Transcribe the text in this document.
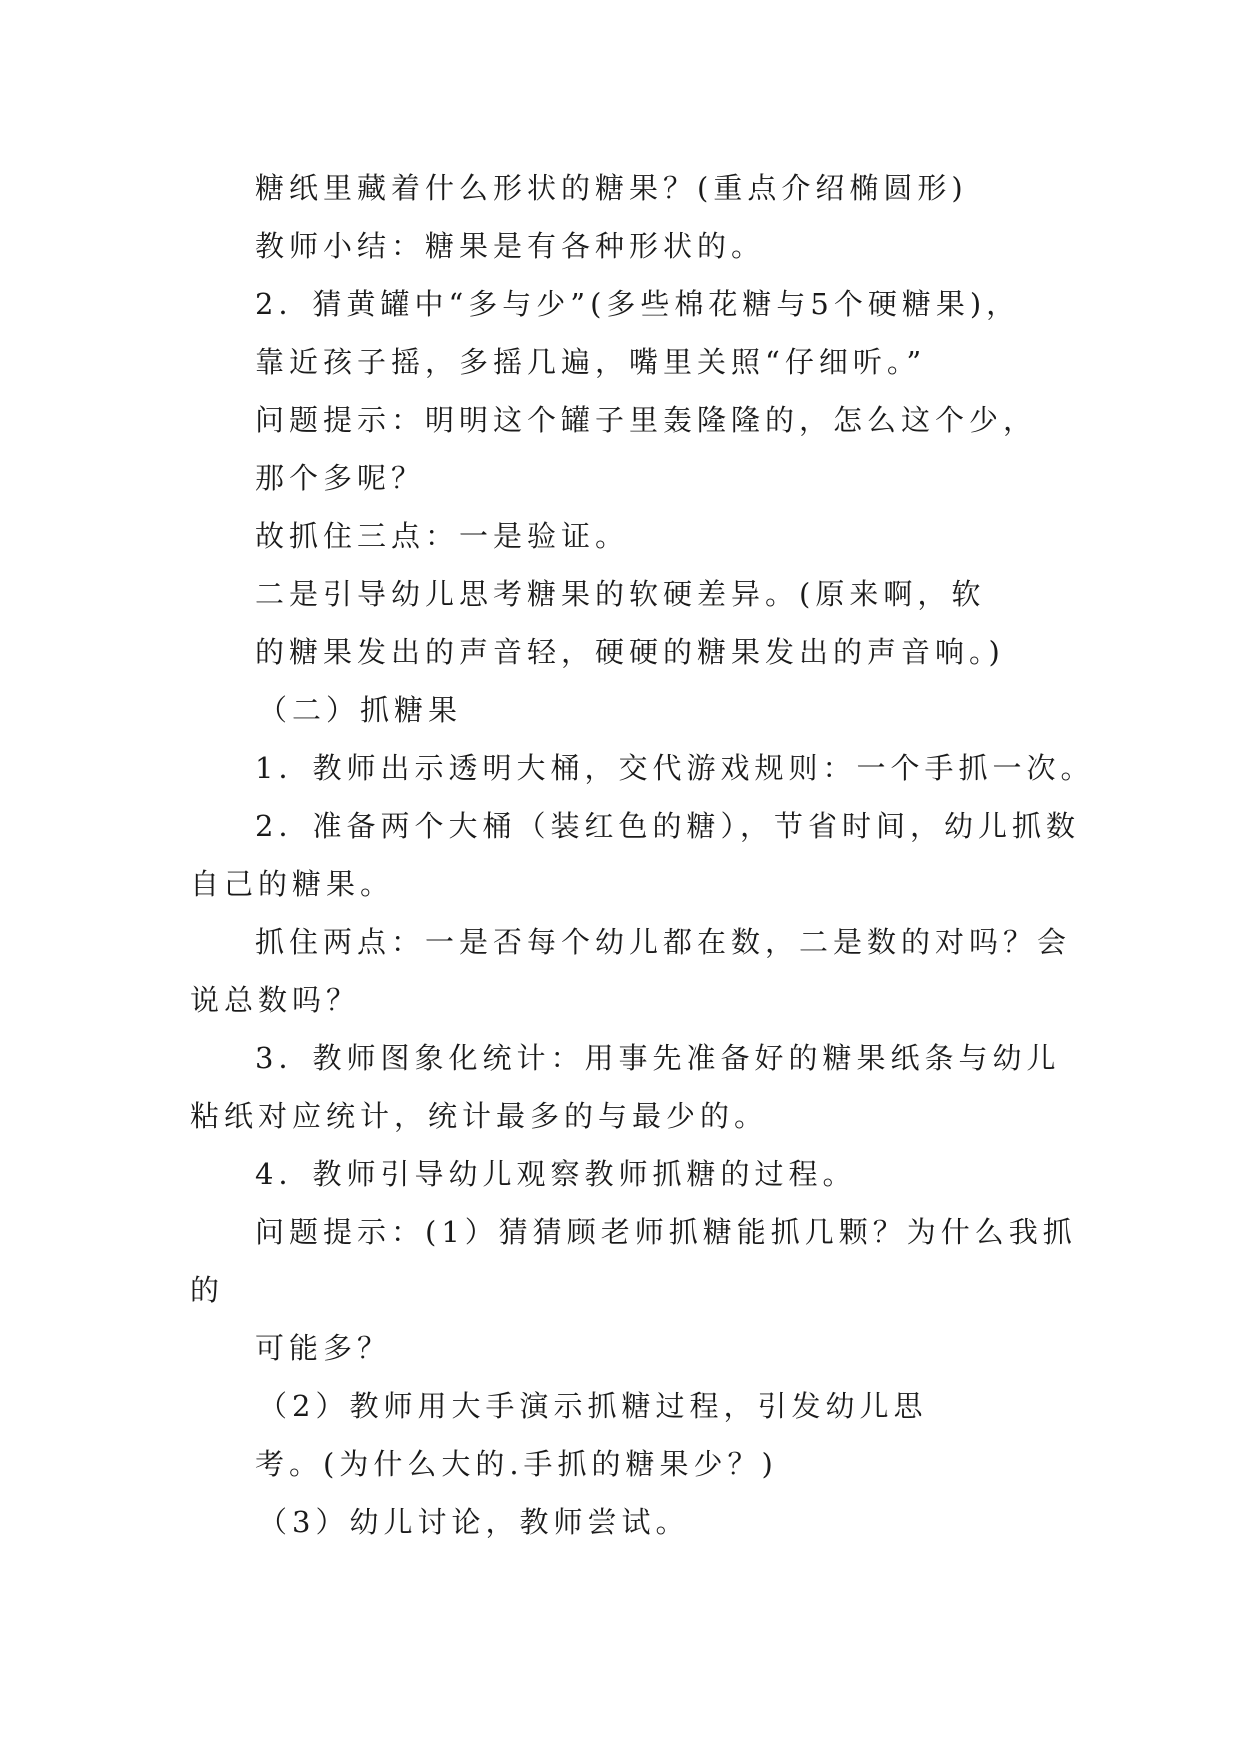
糖纸里藏着什么形状的糖果？(重点介绍椭圆形)
教师小结：糖果是有各种形状的。
2．猜黄罐中“多与少”(多些棉花糖与5个硬糖果)，
靠近孩子摇，多摇几遍，嘴里关照“仔细听。”
问题提示：明明这个罐子里轰隆隆的，怎么这个少，
那个多呢？
故抓住三点：一是验证。
二是引导幼儿思考糖果的软硬差异。(原来啊，软
的糖果发出的声音轻，硬硬的糖果发出的声音响。)
（二）抓糖果
1．教师出示透明大桶，交代游戏规则：一个手抓一次。
2．准备两个大桶（装红色的糖），节省时间，幼儿抓数
自己的糖果。
抓住两点：一是否每个幼儿都在数，二是数的对吗？会
说总数吗？
3．教师图象化统计：用事先准备好的糖果纸条与幼儿
粘纸对应统计，统计最多的与最少的。
4．教师引导幼儿观察教师抓糖的过程。
问题提示：(1）猜猜顾老师抓糖能抓几颗？为什么我抓
的
可能多？
（2）教师用大手演示抓糖过程，引发幼儿思
考。(为什么大的.手抓的糖果少？)
（3）幼儿讨论，教师尝试。
